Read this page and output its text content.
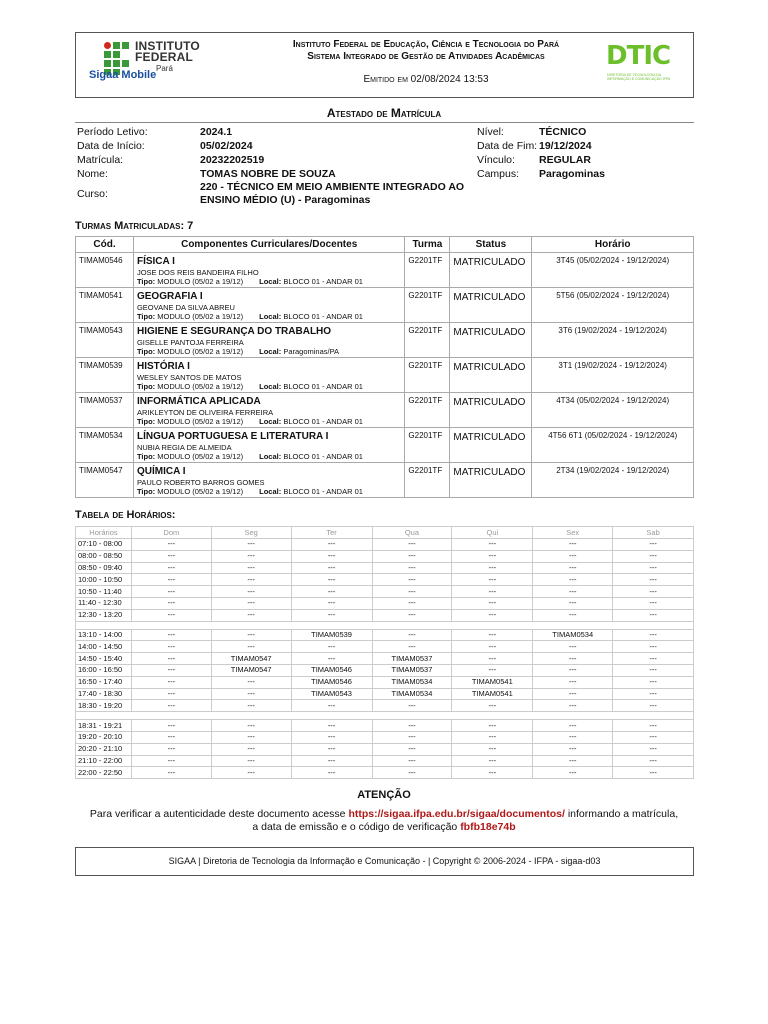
INSTITUTO
FEDERAL
Pará
Sigaa Mobile
Instituto Federal de Educação, Ciência e Tecnologia do Pará
Sistema Integrado de Gestão de Atividades Acadêmicas
Emitido em 02/08/2024 13:53
DTIC
DIRETORIA DE TECNOLOGIA DA INFORMAÇÃO E COMUNICAÇÃO IFPA
Atestado de Matrícula
Período Letivo:	2024.1
Data de Início:	05/02/2024
Matrícula:	20232202519
Nome:	TOMAS NOBRE DE SOUZA
Curso:
220 - TÉCNICO EM MEIO AMBIENTE INTEGRADO AO ENSINO MÉDIO (U) - Paragominas
Nível:	TÉCNICO
Data de Fim: 19/12/2024
Vínculo: REGULAR
Campus: Paragominas
Turmas Matriculadas: 7
Cód.	Componentes Curriculares/Docentes	Turma	Status	Horário
TIMAM0546	FÍSICA I
JOSE DOS REIS BANDEIRA FILHO
Tipo: MODULO (05/02 a 19/12) Local: BLOCO 01 - ANDAR 01	G2201TF	MATRICULADO	3T45 (05/02/2024 - 19/12/2024)
TIMAM0541	GEOGRAFIA I
GEOVANE DA SILVA ABREU
Tipo: MODULO (05/02 a 19/12) Local: BLOCO 01 - ANDAR 01	G2201TF	MATRICULADO	5T56 (05/02/2024 - 19/12/2024)
TIMAM0543	HIGIENE E SEGURANÇA DO TRABALHO
GISELLE PANTOJA FERREIRA
Tipo: MODULO (05/02 a 19/12) Local: Paragominas/PA	G2201TF	MATRICULADO	3T6 (19/02/2024 - 19/12/2024)
TIMAM0539	HISTÓRIA I
WESLEY SANTOS DE MATOS
Tipo: MODULO (05/02 a 19/12) Local: BLOCO 01 - ANDAR 01	G2201TF	MATRICULADO	3T1 (19/02/2024 - 19/12/2024)
TIMAM0537	INFORMÁTICA APLICADA
ARIKLEYTON DE OLIVEIRA FERREIRA
Tipo: MODULO (05/02 a 19/12) Local: BLOCO 01 - ANDAR 01	G2201TF	MATRICULADO	4T34 (05/02/2024 - 19/12/2024)
TIMAM0534	LÍNGUA PORTUGUESA E LITERATURA I
NUBIA REGIA DE ALMEIDA
Tipo: MODULO (05/02 a 19/12) Local: BLOCO 01 - ANDAR 01	G2201TF	MATRICULADO	4T56 6T1 (05/02/2024 - 19/12/2024)
TIMAM0547	QUÍMICA I
PAULO ROBERTO BARROS GOMES
Tipo: MODULO (05/02 a 19/12) Local: BLOCO 01 - ANDAR 01	G2201TF	MATRICULADO	2T34 (19/02/2024 - 19/12/2024)
Tabela de Horários:
Horários	Dom	Seg	Ter	Qua	Qui	Sex	Sab
07:10 - 08:00	---	---	---	---	---	---	---
08:00 - 08:50	---	---	---	---	---	---	---
08:50 - 09:40	---	---	---	---	---	---	---
10:00 - 10:50	---	---	---	---	---	---	---
10:50 - 11:40	---	---	---	---	---	---	---
11:40 - 12:30	---	---	---	---	---	---	---
12:30 - 13:20	---	---	---	---	---	---	---

13:10 - 14:00	---	---	TIMAM0539	---	---	TIMAM0534	---
14:00 - 14:50	---	---	---	---	---	---	---
14:50 - 15:40	---	TIMAM0547	---	TIMAM0537	---	---	---
16:00 - 16:50	---	TIMAM0547	TIMAM0546	TIMAM0537	---	---	---
16:50 - 17:40	---	---	TIMAM0546	TIMAM0534	TIMAM0541	---	---
17:40 - 18:30	---	---	TIMAM0543	TIMAM0534	TIMAM0541	---	---
18:30 - 19:20	---	---	---	---	---	---	---

18:31 - 19:21	---	---	---	---	---	---	---
19:20 - 20:10	---	---	---	---	---	---	---
20:20 - 21:10	---	---	---	---	---	---	---
21:10 - 22:00	---	---	---	---	---	---	---
22:00 - 22:50	---	---	---	---	---	---	---
ATENÇÃO
Para verificar a autenticidade deste documento acesse https://sigaa.ifpa.edu.br/sigaa/documentos/ informando a matrícula,
a data de emissão e o código de verificação fbfb18e74b
SIGAA | Diretoria de Tecnologia da Informação e Comunicação - | Copyright © 2006-2024 - IFPA - sigaa-d03
